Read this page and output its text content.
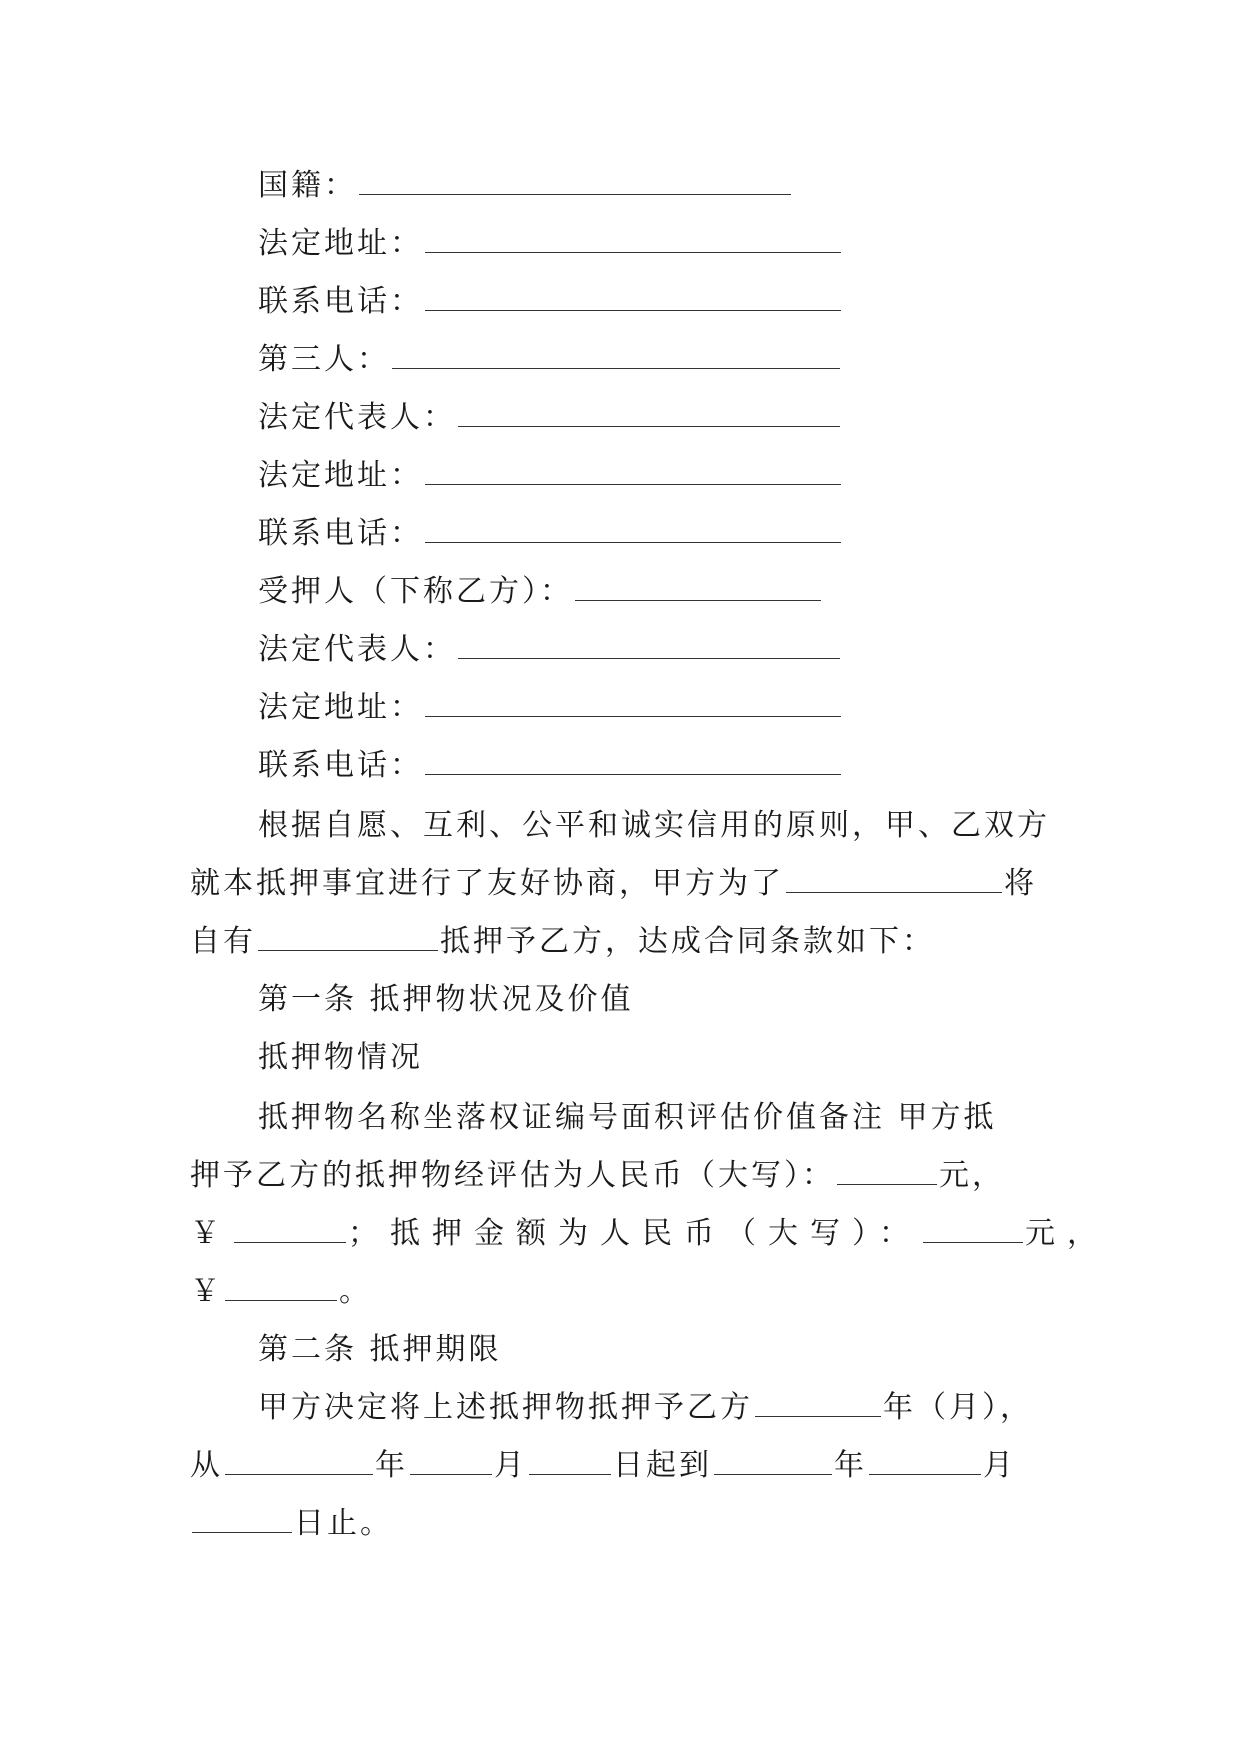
国籍：
法定地址：
联系电话：
第三人：
法定代表人：
法定地址：
联系电话：
受押人（下称乙方）：
法定代表人：
法定地址：
联系电话：
根据自愿、互利、公平和诚实信用的原则，甲、乙双方
就本抵押事宜进行了友好协商，甲方为了	将
自有	抵押予乙方，达成合同条款如下：
第一条 抵押物状况及价值
抵押物情况
抵押物名称坐落权证编号面积评估价值备注 甲方抵
押予乙方的抵押物经评估为人民币（大写）：	元，
￥	；抵押金额为人民币（大写）：	元，
￥	。
第二条 抵押期限
甲方决定将上述抵押物抵押予乙方	年（月），
从	年	月	日起到	年	月
日止。
